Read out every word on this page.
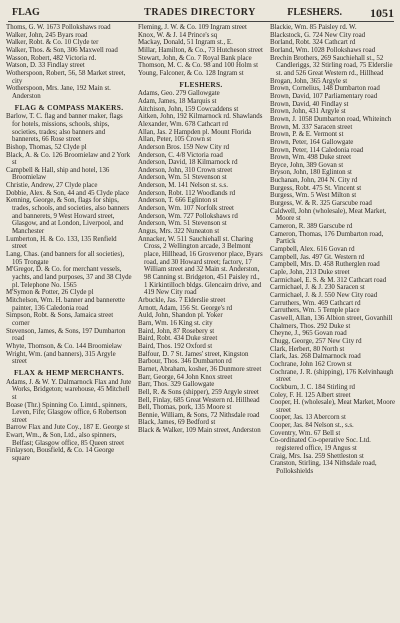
FLAG	TRADES DIRECTORY	FLESHERS. 1051
Thoms, G. W. 1673 Pollokshaws road
Walker, John, 245 Byars road
Walker, Robt. & Co. 10 Clyde ter
Walker, Thos. & Son, 306 Maxwell road
Wasson, Robert, 482 Victoria rd.
Watson, D. 33 Findlay street
Wotherspoon, Robert, 56, 58 Market street, city
Wotherspoon, Mrs. Jane, 192 Main st. Anderston
FLAG & COMPASS MAKERS.
Barlow, T. C. flag and banner maker, flags for hotels, missions, schools, ships, societies, trades; also banners and bannerets, 66 Rose street
Bishop, Thomas, 52 Clyde pl
Black, A. & Co. 126 Broomielaw and 2 York st
Campbell & Hall, ship and hotel, 136 Broomielaw
Christie, Andrew, 27 Clyde place
Dobbie, Alex. & Son, 44 and 45 Clyde place
Kenning, George, & Son, flags for ships, trades, schools, and societies, also banners and bannerets, 9 West Howard street, Glasgow, and at London, Liverpool, and Manchester
Lumberton, H. & Co. 133, 135 Renfield street
Lang, Chas. (and banners for all societies), 105 Trongate
M'Gregor, D. & Co. for merchant vessels, yachts, and land purposes, 37 and 38 Clyde pl. Telephone No. 1565
M'Symon & Potter, 26 Clyde pl
Mitchelson, Wm. H. banner and bannerette painter, 136 Caledonia road
Simpson, Robt. & Sons, Jamaica street corner
Stevenson, James, & Sons, 197 Dumbarton road
Whyte, Thomson, & Co. 144 Broomielaw
Wright, Wm. (and banners), 315 Argyle street
FLAX & HEMP MERCHANTS.
Adams, J. & W. Y. Dalmarnock Flax and Jute Works, Bridgeton; warehouse, 45 Mitchell st
Boase (Thr.) Spinning Co. Limtd., spinners, Leven, Fife; Glasgow office, 6 Robertson street
Barrow Flax and Jute Coy., 187 E. George st
Ewart, Wm., & Son, Ltd., also spinners, Belfast; Glasgow office, 85 Queen street
Finlayson, Bousfield, & Co. 14 George square
Fleming, J. W. & Co. 109 Ingram street
Knox, W. & J. 14 Prince's sq
Mackay, Donald, 51 Ingram st., E.
Millar, Hamilton, & Co., 73 Hutcheson street
Stewart, John, & Co. 7 Royal Bank place
Thomson, M. C. & Co. 98 and 100 Holm st
Young, Falconer, & Co. 128 Ingram st
FLESHERS.
Adams, Geo. 279 Gallowgate
Adam, James, 18 Marquis st
Aitchison, John, 159 Cowcaddens st
Aitken, John, 192 Kilmarnock rd. Shawlands
Alexander, Wm. 678 Cathcart rd
Allan, Jas. 2 Hampden pl. Mount Florida
Allan, Peter, 105 Crown st
Anderson Bros. 159 New City rd
Anderson, C. 4/8 Victoria road
Anderson, David, 18 Kilmarnock rd
Anderson, John, 310 Crown street
Anderson, Wm. 51 Stevenson st
Anderson, M. 141 Nelson st. s.s.
Anderson, Robt. 112 Woodlands rd
Anderson, T. 666 Eglinton st
Anderson, Wm. 107 Norfolk street
Anderson, Wm. 727 Pollokshaws rd
Anderson, Wm. 51 Stevenson st
Angus, Mrs. 322 Nuneaton st
Annacker, W. 511 Sauchiehall st. Charing Cross, 2 Wellington arcade, 3 Belmont place, Hillhead, 16 Grosvenor place, Byars road, and 30 Howard street; factory, 17 William street and 32 Main st. Anderston, 98 Canning st. Bridgeton, 451 Paisley rd., 1 Kirkintilloch bldgs. Glencairn drive, and 419 New City road
Arbuckle, Jas. 7 Elderslie street
Arnott, Adam, 156 St. George's rd
Auld, John, Shandon pl. Yoker
Barn, Wm. 16 King st. city
Baird, John, 87 Rosebery st
Baird, Robt. 434 Duke street
Baird, Thos. 192 Oxford st
Balfour, D. 7 St. James' street, Kingston
Barbour, Thos. 346 Dumbarton rd
Barnet, Abraham, kosher, 36 Dunmore street
Barr, George, 64 John Knox street
Barr, Thos. 329 Gallowgate
Bell, R. & Sons (shipper), 259 Argyle street
Bell, Finlay, 685 Great Western rd. Hillhead
Bell, Thomas, pork, 135 Moore st
Bennie, William, & Sons, 72 Nithsdale road
Black, James, 69 Bedford st
Black & Walker, 109 Main street, Anderston
Blackie, Wm. 85 Paisley rd. W.
Blackstock, G. 724 New City road
Borland, Robt. 324 Cathcart rd
Borland, Wm. 1028 Pollokshaws road
Brechin Brothers, 269 Sauchiehall st., 52 Candleriggs, 32 Stirling road, 75 Elderslie st. and 526 Great Western rd., Hillhead
Brogan, John, 365 Argyle st
Brown, Cornelius, 148 Dumbarton road
Brown, David, 107 Parliamentary road
Brown, David, 40 Findlay st
Brown, John, 431 Argyle st
Brown, J. 1058 Dumbarton road, Whiteinch
Brown, M. 337 Saracen street
Brown, P. & E. Vermont st
Brown, Peter, 164 Gallowgate
Brown, Peter, 114 Caledonia road
Brown, Wm. 498 Duke street
Bryce, John, 389 Govan st
Bryson, John, 180 Eglinton st
Buchanan, John, 204 N. City rd
Burgess, Robt. 475 St. Vincent st
Burgess, Wm. 5 West Milton st
Burgess, W. & R. 325 Garscube road
Caldwell, John (wholesale), Meat Market, Moore st
Cameron, R. 389 Garscube rd
Cameron, Thomas, 176 Dumbarton road, Partick
Campbell, Alex. 616 Govan rd
Campbell, Jas. 497 Gt. Western rd
Campbell, Mrs. D. 458 Rutherglen road
Caple, John, 213 Duke street
Carmichael, E. S. & M. 312 Cathcart road
Carmichael, J. & J. 230 Saracen st
Carmichael, J. & J. 550 New City road
Carruthers, Wm. 469 Cathcart rd
Carruthers, Wm. 5 Temple place
Caswell, Allan, 136 Albion street, Govanhill
Chalmers, Thos. 292 Duke st
Cheyne, J., 965 Govan road
Chugg, George, 257 New City rd
Clark, Herbert, 80 North st
Clark, Jas. 268 Dalmarnock road
Cochrane, John 162 Crown st
Cochrane, J. R. (shipping), 176 Kelvinhaugh street
Cockburn, J. C. 184 Stirling rd
Coley, F. H. 125 Albert street
Cooper, H. (wholesale), Meat Market, Moore street
Cooper, Jas. 13 Abercorn st
Cooper, Jas. 84 Nelson st., s.s.
Coventry, Wm. 67 Bell st
Co-ordinated Co-operative Soc. Ltd. registered office, 19 Angus st
Craig, Mrs. Isa. 259 Shettleston st
Cranston, Stirling, 134 Nithsdale road, Pollokshields
